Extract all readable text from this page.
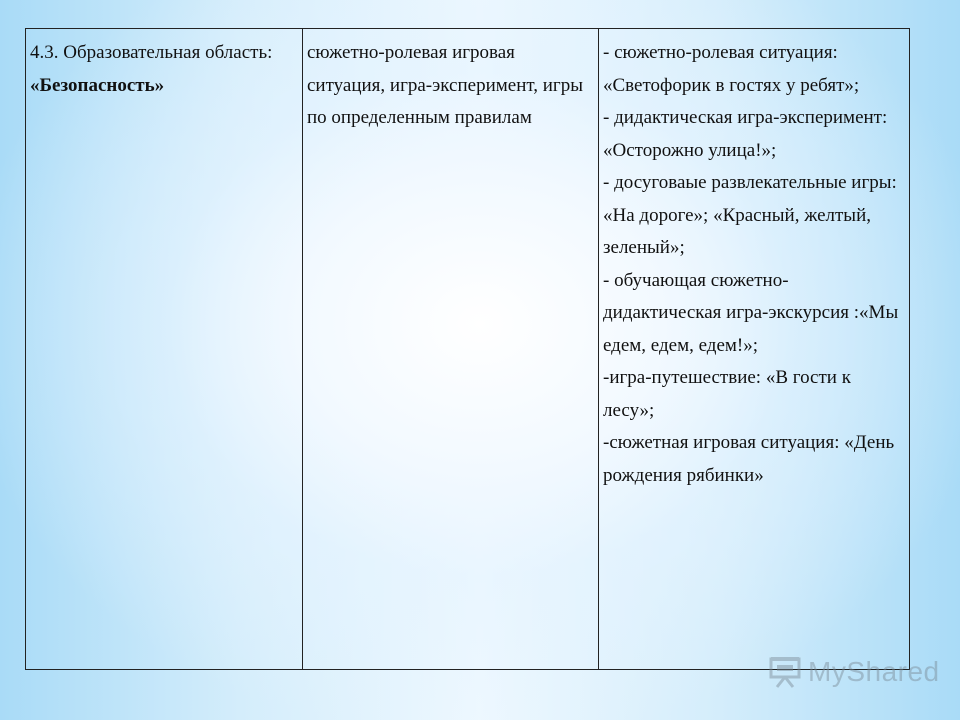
4.3. Образовательная область: «Безопасность»
сюжетно-ролевая игровая ситуация, игра-эксперимент, игры по определенным правилам
- сюжетно-ролевая ситуация: «Светофорик в гостях у ребят»;
- дидактическая игра-эксперимент: «Осторожно улица!»;
- досуговаые развлекательные игры: «На дороге»; «Красный, желтый, зеленый»;
- обучающая сюжетно-дидактическая игра-экскурсия :«Мы едем, едем, едем!»;
-игра-путешествие: «В гости к лесу»;
-сюжетная игровая ситуация: «День рождения рябинки»
MyShared
